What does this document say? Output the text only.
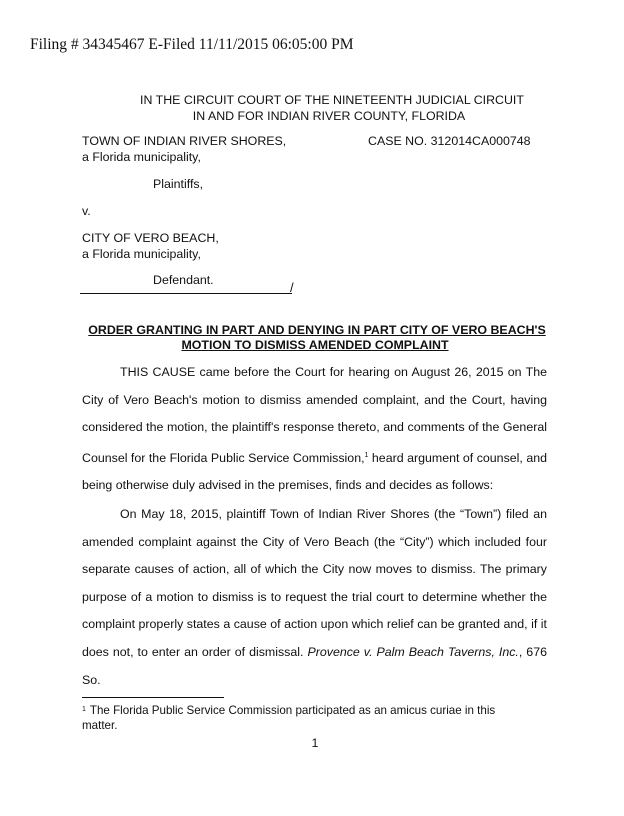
Filing # 34345467 E-Filed 11/11/2015 06:05:00 PM
IN THE CIRCUIT COURT OF THE NINETEENTH JUDICIAL CIRCUIT
IN AND FOR INDIAN RIVER COUNTY, FLORIDA
TOWN OF INDIAN RIVER SHORES,
a Florida municipality,
CASE NO. 312014CA000748
Plaintiffs,
v.
CITY OF VERO BEACH,
a Florida municipality,
Defendant.	/
ORDER GRANTING IN PART AND DENYING IN PART CITY OF VERO BEACH'S
MOTION TO DISMISS AMENDED COMPLAINT

THIS CAUSE came before the Court for hearing on August 26, 2015 on The City of Vero Beach's motion to dismiss amended complaint, and the Court, having considered the motion, the plaintiff's response thereto, and comments of the General Counsel for the Florida Public Service Commission,$^1$ heard argument of counsel, and being otherwise duly advised in the premises, finds and decides as follows:

On May 18, 2015, plaintiff Town of Indian River Shores (the “Town”) filed an amended complaint against the City of Vero Beach (the “City”) which included four separate causes of action, all of which the City now moves to dismiss. The primary purpose of a motion to dismiss is to request the trial court to determine whether the complaint properly states a cause of action upon which relief can be granted and, if it does not, to enter an order of dismissal. Provence v. Palm Beach Taverns, Inc., 676 So.

$^1$ The Florida Public Service Commission participated as an amicus curiae in this matter.
1
